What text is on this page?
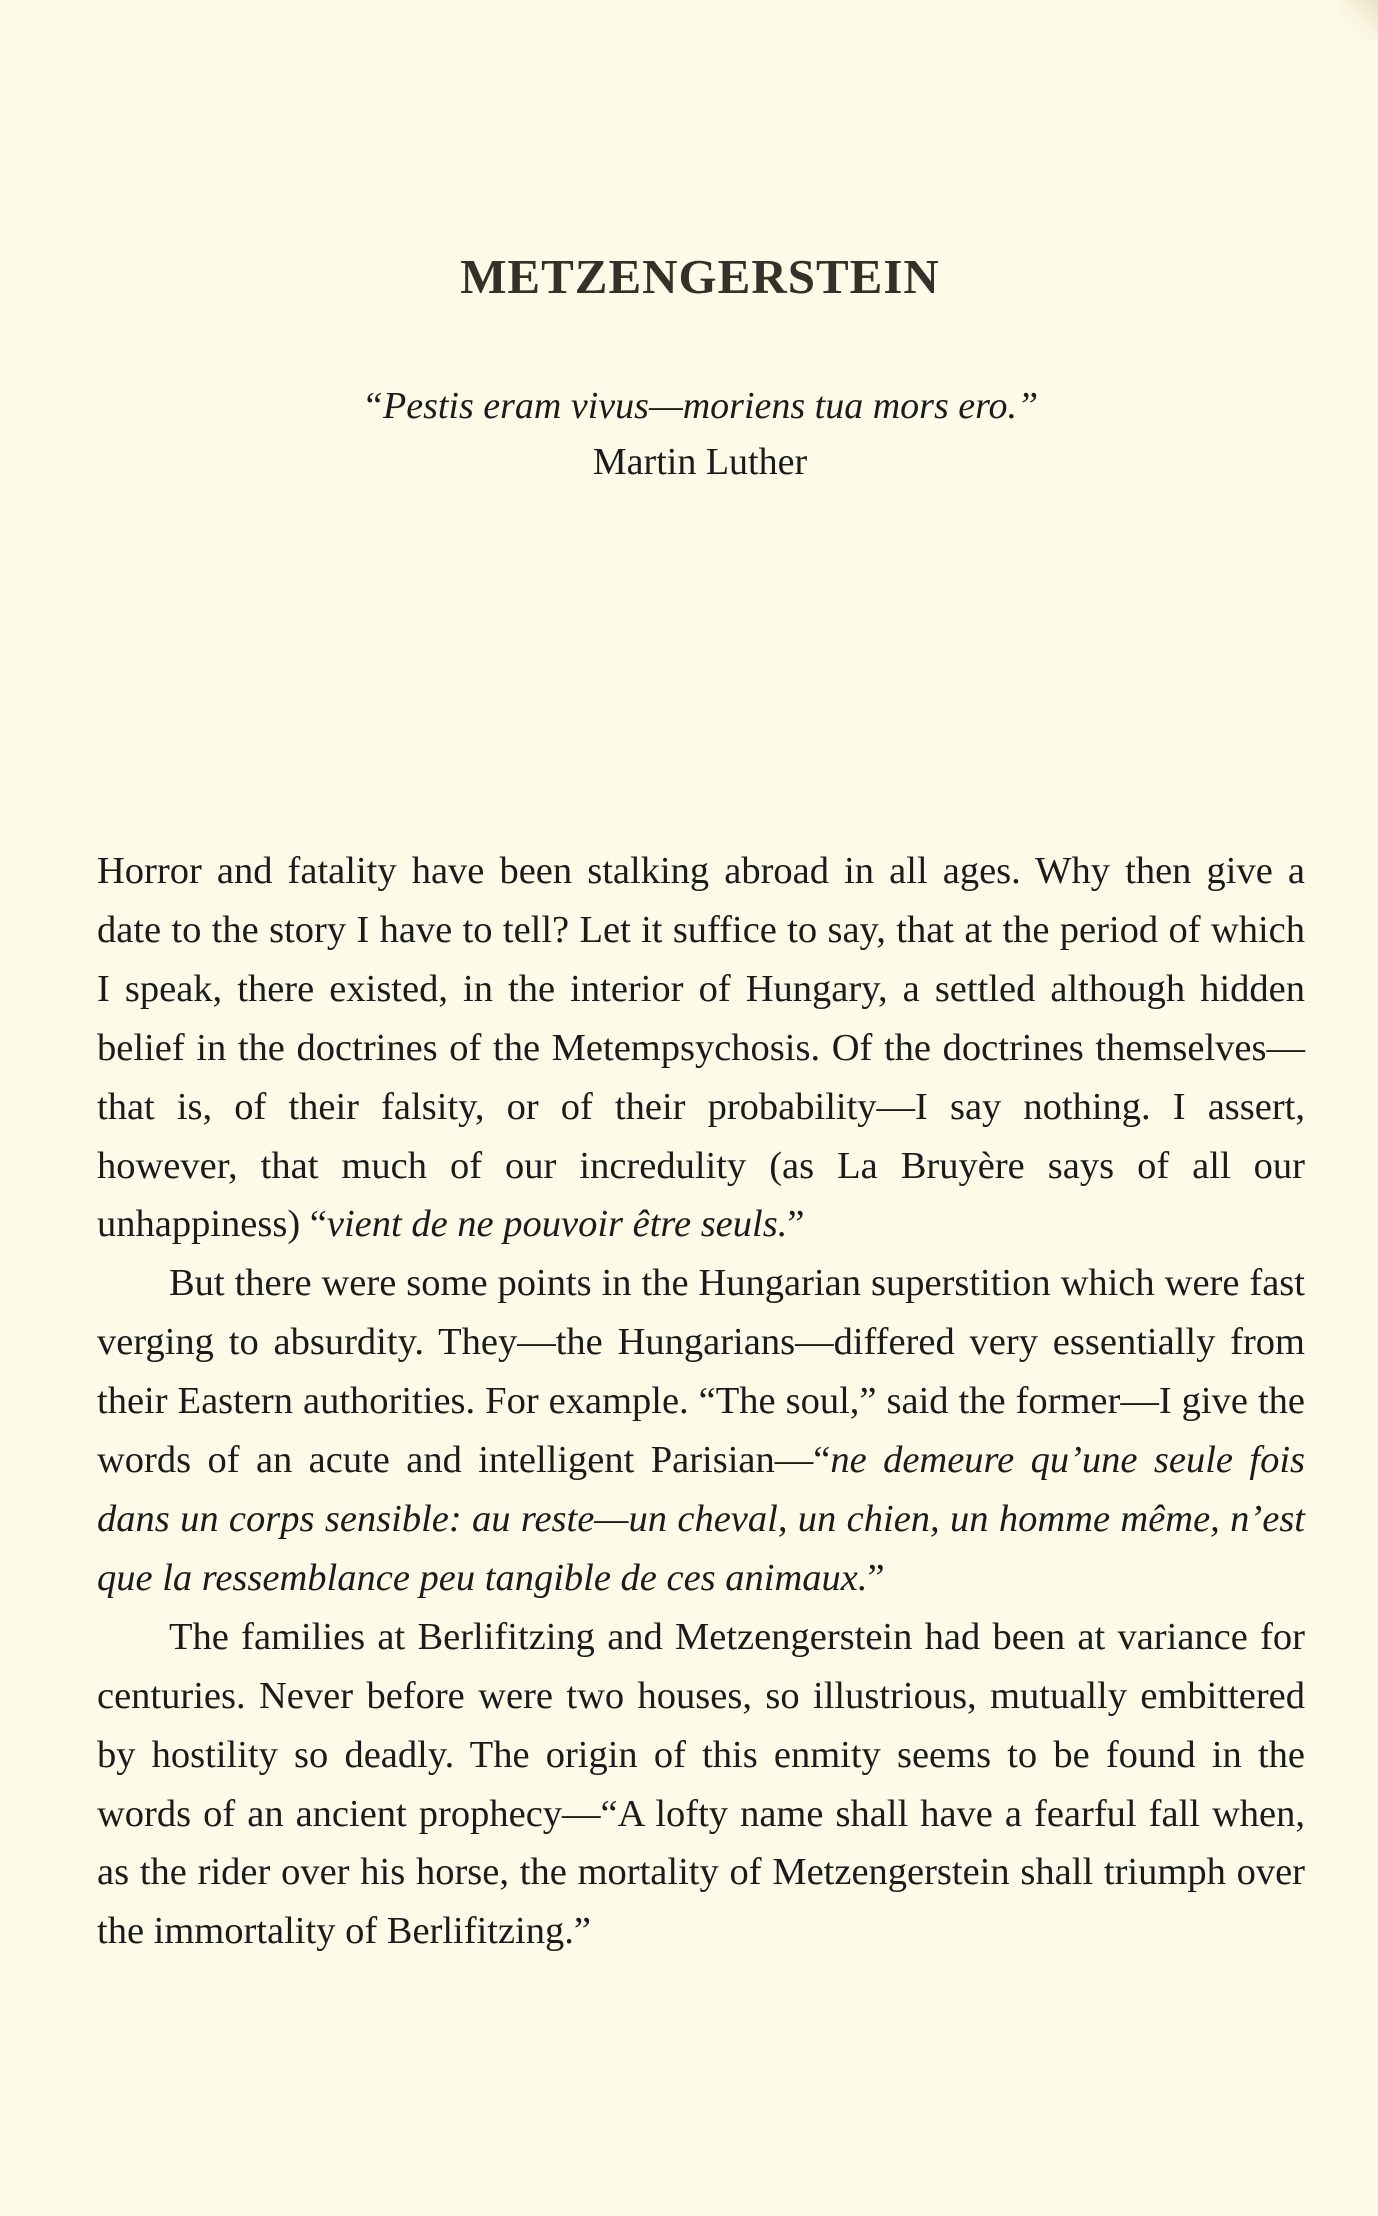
METZENGERSTEIN
“Pestis eram vivus—moriens tua mors ero.”
Martin Luther

Horror and fatality have been stalking abroad in all ages. Why then give a date to the story I have to tell? Let it suffice to say, that at the period of which I speak, there existed, in the interior of Hungary, a settled although hidden belief in the doctrines of the Metempsychosis. Of the doctrines themselves—that is, of their falsity, or of their probability—I say nothing. I assert, however, that much of our incredulity (as La Bruyère says of all our unhappiness) “vient de ne pouvoir être seuls.”

But there were some points in the Hungarian superstition which were fast verging to absurdity. They—the Hungarians—differed very essentially from their Eastern authorities. For example. “The soul,” said the former—I give the words of an acute and intelligent Parisian—“ne demeure qu’une seule fois dans un corps sensible: au reste—un cheval, un chien, un homme même, n’est que la ressemblance peu tangible de ces animaux.”

The families at Berlifitzing and Metzengerstein had been at variance for centuries. Never before were two houses, so illustrious, mutually embittered by hostility so deadly. The origin of this enmity seems to be found in the words of an ancient prophecy—“A lofty name shall have a fearful fall when, as the rider over his horse, the mortality of Metzengerstein shall triumph over the immortality of Berlifitzing.”
